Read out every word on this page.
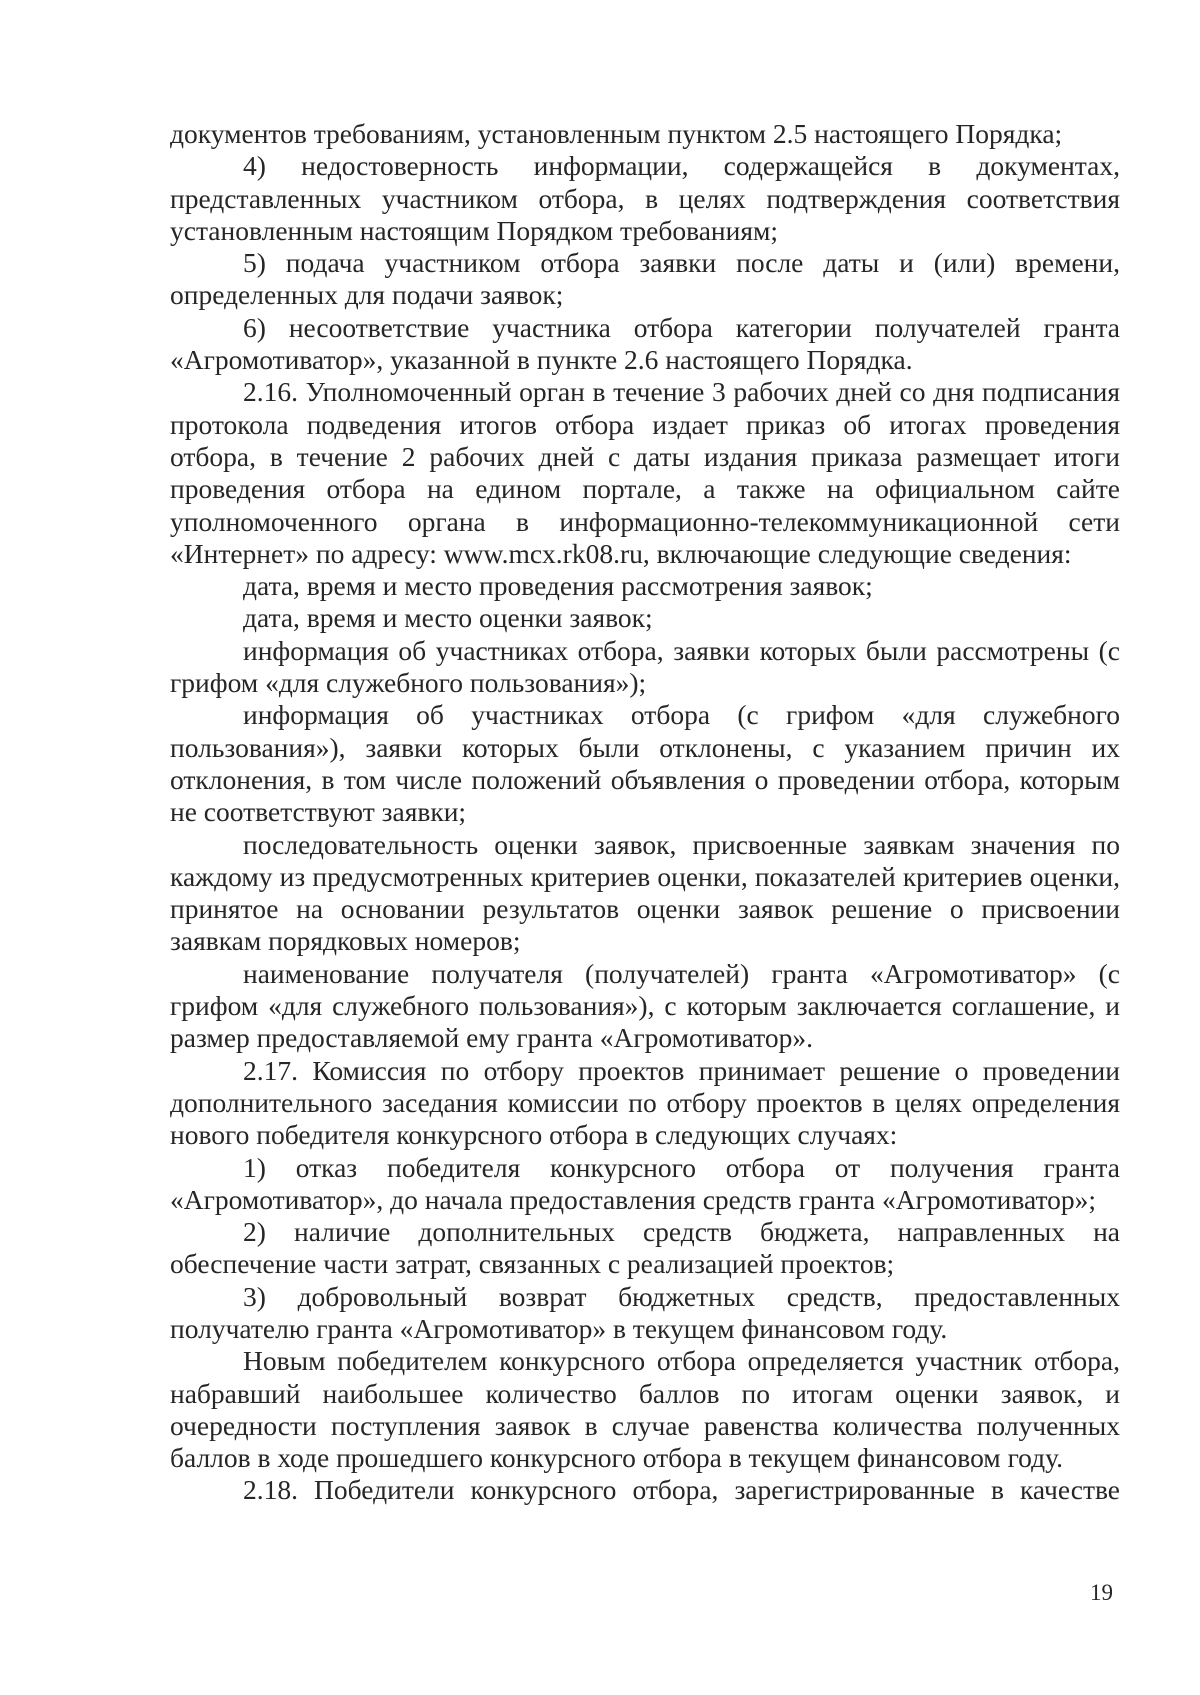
документов требованиям, установленным пунктом 2.5 настоящего Порядка;

4) недостоверность информации, содержащейся в документах, представленных участником отбора, в целях подтверждения соответствия установленным настоящим Порядком требованиям;

5) подача участником отбора заявки после даты и (или) времени, определенных для подачи заявок;

6) несоответствие участника отбора категории получателей гранта «Агромотиватор», указанной в пункте 2.6 настоящего Порядка.

2.16. Уполномоченный орган в течение 3 рабочих дней со дня подписания протокола подведения итогов отбора издает приказ об итогах проведения отбора, в течение 2 рабочих дней с даты издания приказа размещает итоги проведения отбора на едином портале, а также на официальном сайте уполномоченного органа в информационно-телекоммуникационной сети «Интернет» по адресу: www.mcx.rk08.ru, включающие следующие сведения:

дата, время и место проведения рассмотрения заявок;

дата, время и место оценки заявок;

информация об участниках отбора, заявки которых были рассмотрены (с грифом «для служебного пользования»);

информация об участниках отбора (с грифом «для служебного пользования»), заявки которых были отклонены, с указанием причин их отклонения, в том числе положений объявления о проведении отбора, которым не соответствуют заявки;

последовательность оценки заявок, присвоенные заявкам значения по каждому из предусмотренных критериев оценки, показателей критериев оценки, принятое на основании результатов оценки заявок решение о присвоении заявкам порядковых номеров;

наименование получателя (получателей) гранта «Агромотиватор» (с грифом «для служебного пользования»), с которым заключается соглашение, и размер предоставляемой ему гранта «Агромотиватор».

2.17. Комиссия по отбору проектов принимает решение о проведении дополнительного заседания комиссии по отбору проектов в целях определения нового победителя конкурсного отбора в следующих случаях:

1) отказ победителя конкурсного отбора от получения гранта «Агромотиватор», до начала предоставления средств гранта «Агромотиватор»;

2) наличие дополнительных средств бюджета, направленных на обеспечение части затрат, связанных с реализацией проектов;

3) добровольный возврат бюджетных средств, предоставленных получателю гранта «Агромотиватор» в текущем финансовом году.

Новым победителем конкурсного отбора определяется участник отбора, набравший наибольшее количество баллов по итогам оценки заявок, и очередности поступления заявок в случае равенства количества полученных баллов в ходе прошедшего конкурсного отбора в текущем финансовом году.

2.18. Победители конкурсного отбора, зарегистрированные в качестве

19
